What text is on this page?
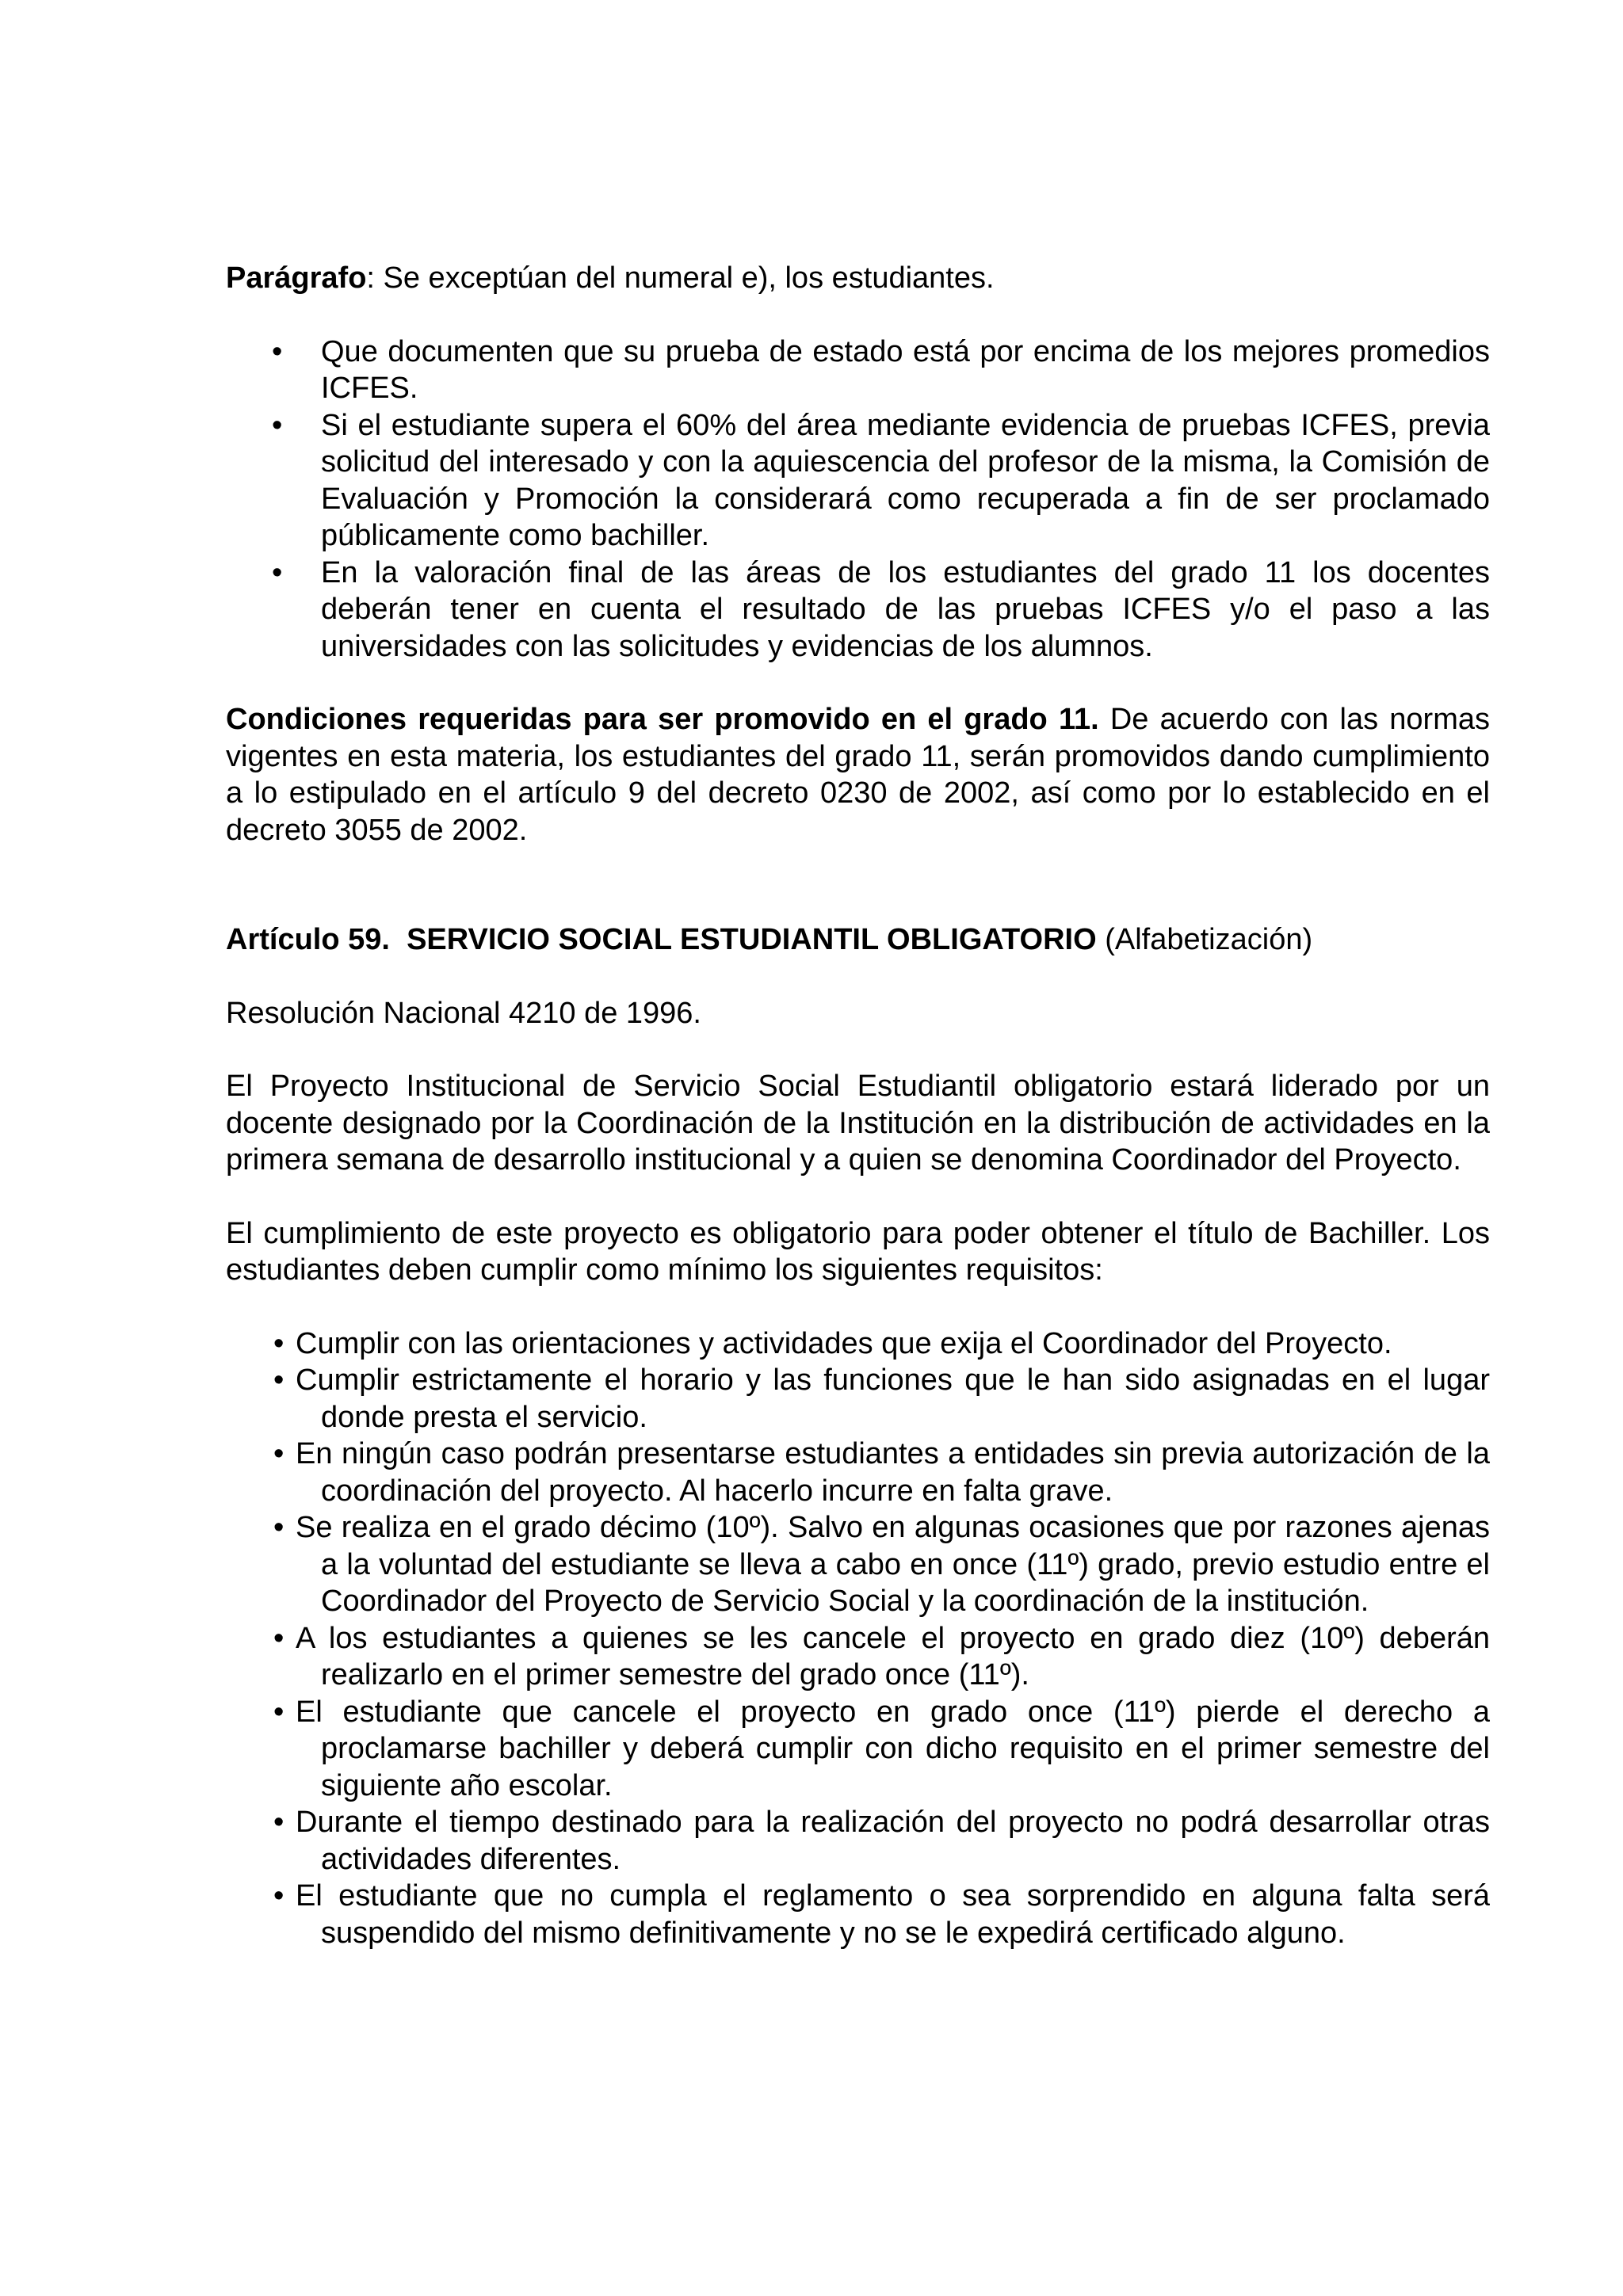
Parágrafo: Se exceptúan del numeral e), los estudiantes.

• Que documenten que su prueba de estado está por encima de los mejores promedios ICFES.
• Si el estudiante supera el 60% del área mediante evidencia de pruebas ICFES, previa solicitud del interesado y con la aquiescencia del profesor de la misma, la Comisión de Evaluación y Promoción la considerará como recuperada a fin de ser proclamado públicamente como bachiller.
• En la valoración final de las áreas de los estudiantes del grado 11 los docentes deberán tener en cuenta el resultado de las pruebas ICFES y/o el paso a las universidades con las solicitudes y evidencias de los alumnos.

Condiciones requeridas para ser promovido en el grado 11. De acuerdo con las normas vigentes en esta materia, los estudiantes del grado 11, serán promovidos dando cumplimiento a lo estipulado en el artículo 9 del decreto 0230 de 2002, así como por lo establecido en el decreto 3055 de 2002.

Artículo 59. SERVICIO SOCIAL ESTUDIANTIL OBLIGATORIO (Alfabetización)

Resolución Nacional 4210 de 1996.

El Proyecto Institucional de Servicio Social Estudiantil obligatorio estará liderado por un docente designado por la Coordinación de la Institución en la distribución de actividades en la primera semana de desarrollo institucional y a quien se denomina Coordinador del Proyecto.

El cumplimiento de este proyecto es obligatorio para poder obtener el título de Bachiller. Los estudiantes deben cumplir como mínimo los siguientes requisitos:

• Cumplir con las orientaciones y actividades que exija el Coordinador del Proyecto.
• Cumplir estrictamente el horario y las funciones que le han sido asignadas en el lugar donde presta el servicio.
• En ningún caso podrán presentarse estudiantes a entidades sin previa autorización de la coordinación del proyecto. Al hacerlo incurre en falta grave.
• Se realiza en el grado décimo (10º). Salvo en algunas ocasiones que por razones ajenas a la voluntad del estudiante se lleva a cabo en once (11º) grado, previo estudio entre el Coordinador del Proyecto de Servicio Social y la coordinación de la institución.
• A los estudiantes a quienes se les cancele el proyecto en grado diez (10º) deberán realizarlo en el primer semestre del grado once (11º).
• El estudiante que cancele el proyecto en grado once (11º) pierde el derecho a proclamarse bachiller y deberá cumplir con dicho requisito en el primer semestre del siguiente año escolar.
• Durante el tiempo destinado para la realización del proyecto no podrá desarrollar otras actividades diferentes.
• El estudiante que no cumpla el reglamento o sea sorprendido en alguna falta será suspendido del mismo definitivamente y no se le expedirá certificado alguno.
